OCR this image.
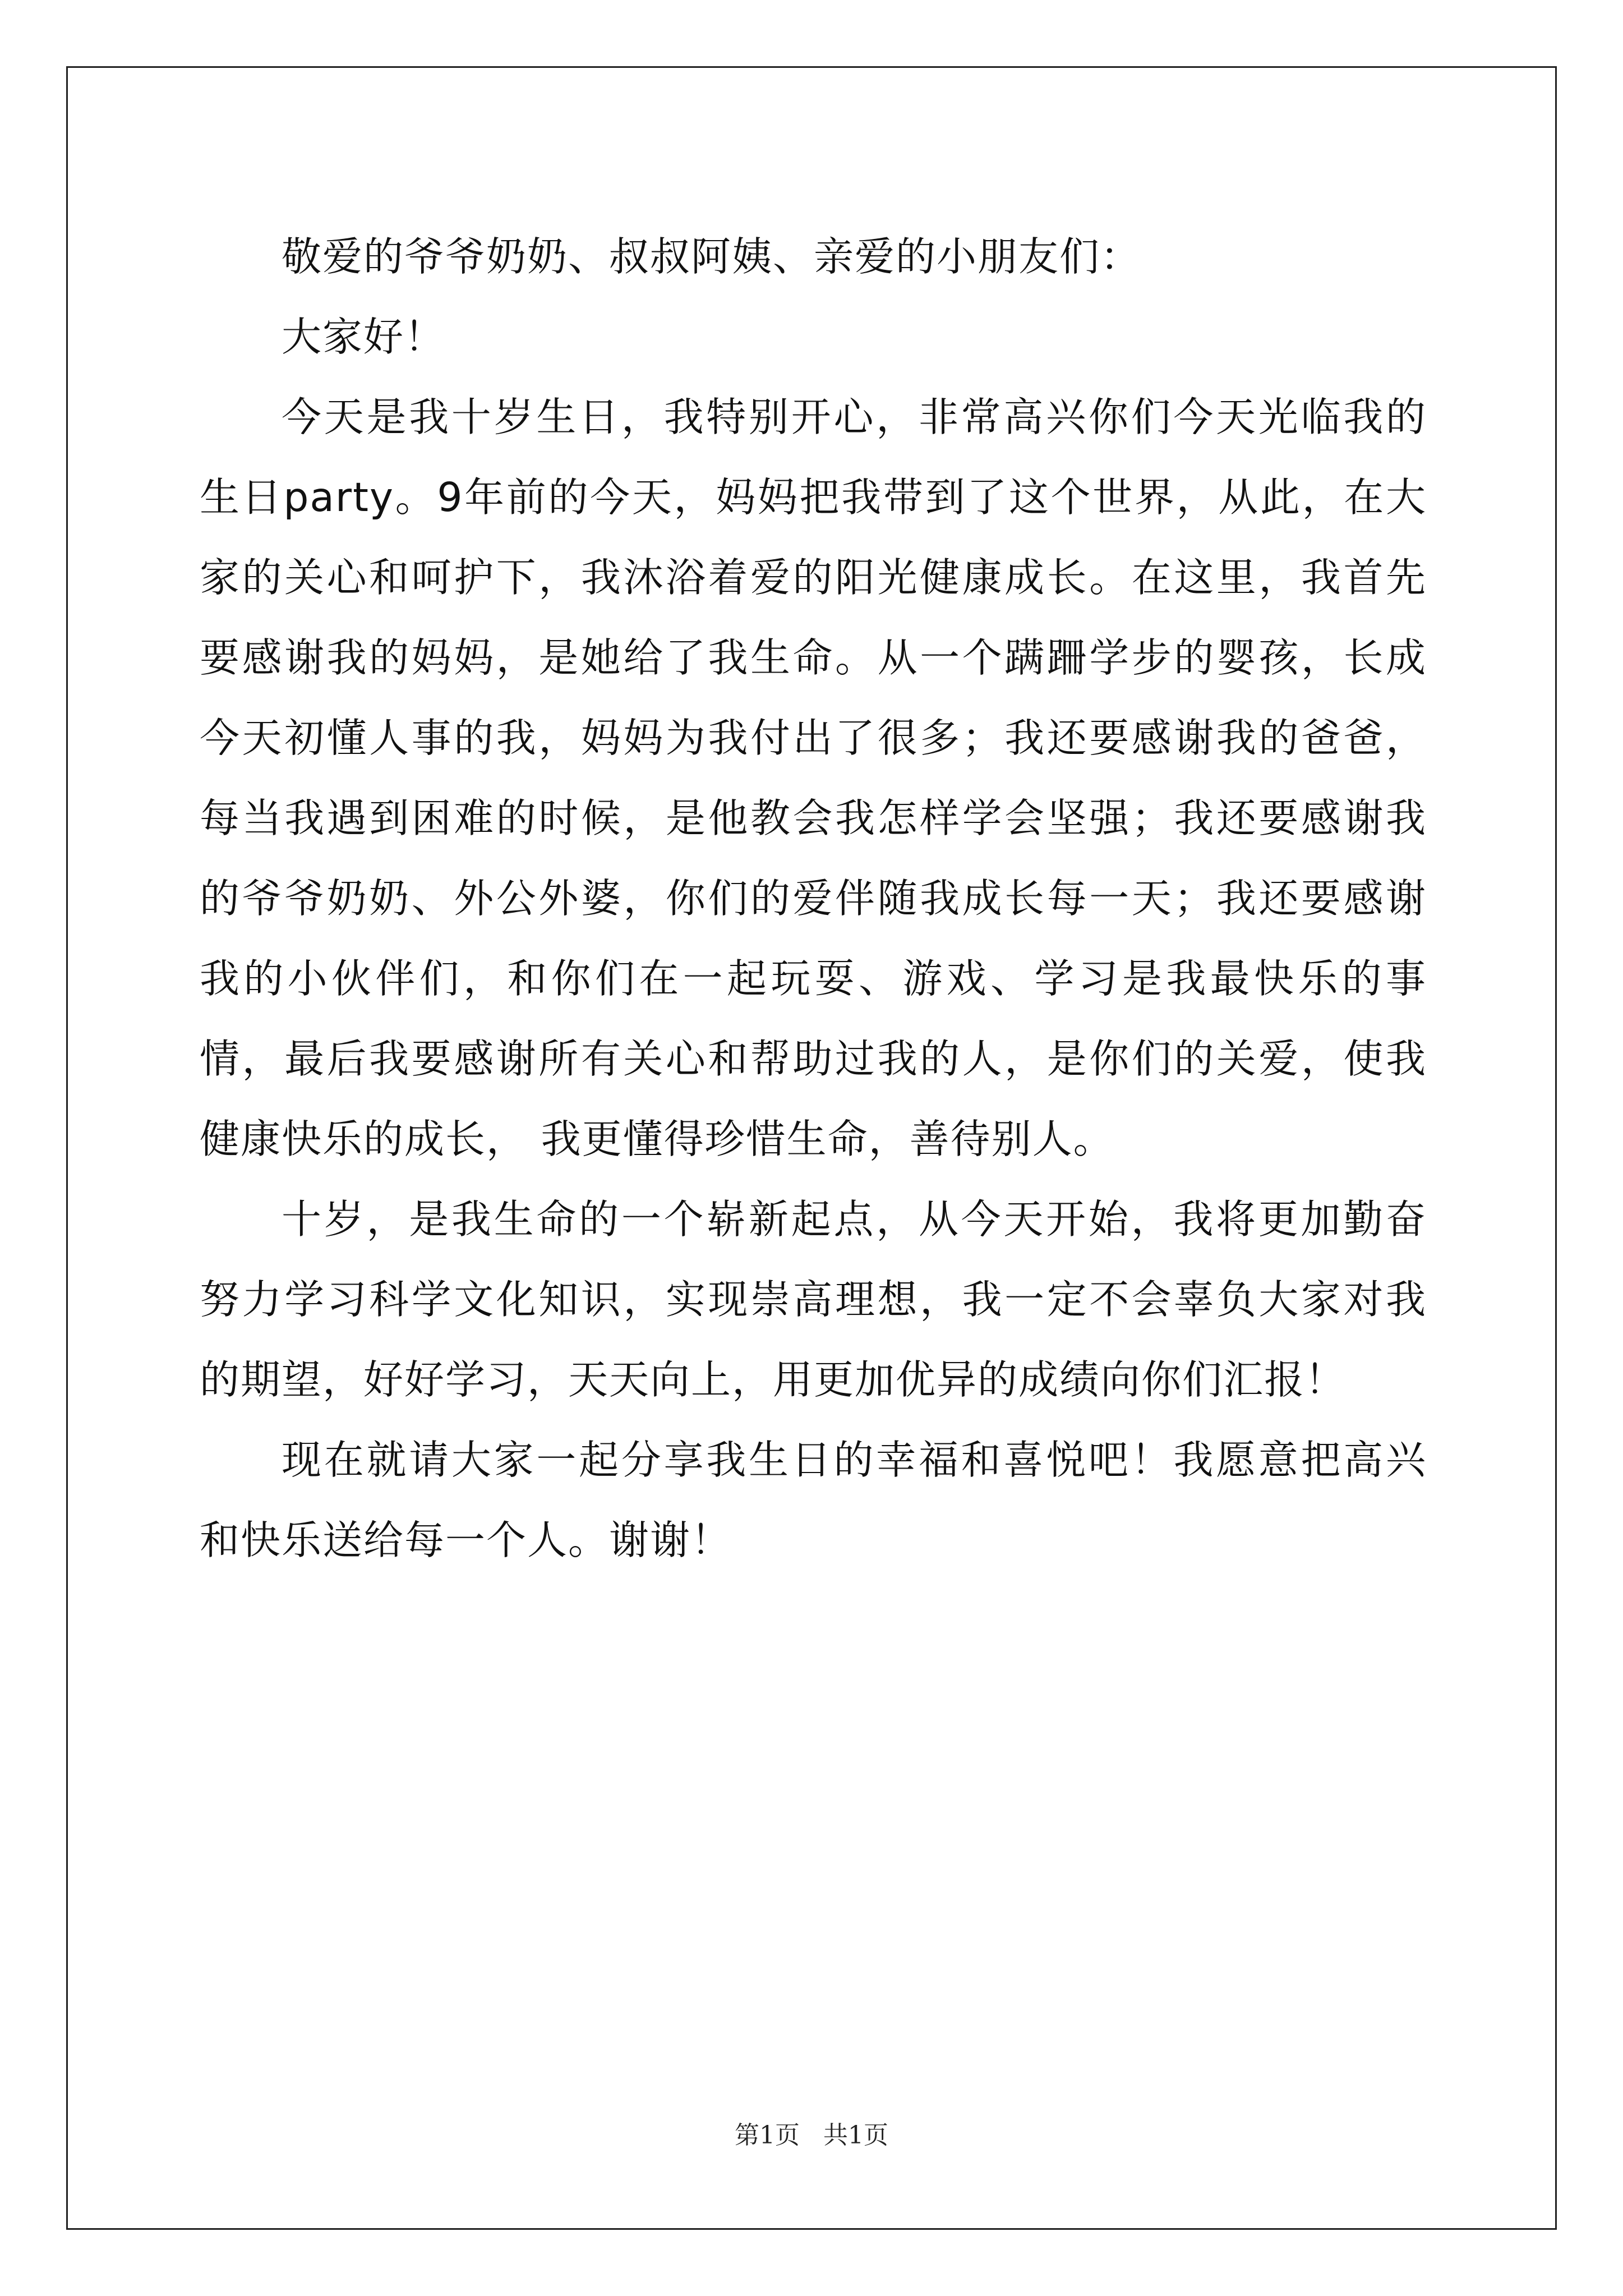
敬爱的爷爷奶奶、叔叔阿姨、亲爱的小朋友们：

大家好！

今天是我十岁生日，我特别开心，非常高兴你们今天光临我的生日party。9年前的今天，妈妈把我带到了这个世界，从此，在大家的关心和呵护下，我沐浴着爱的阳光健康成长。在这里，我首先要感谢我的妈妈，是她给了我生命。从一个蹒跚学步的婴孩，长成今天初懂人事的我，妈妈为我付出了很多；我还要感谢我的爸爸，每当我遇到困难的时候，是他教会我怎样学会坚强；我还要感谢我的爷爷奶奶、外公外婆，你们的爱伴随我成长每一天；我还要感谢我的小伙伴们，和你们在一起玩耍、游戏、学习是我最快乐的事情，最后我要感谢所有关心和帮助过我的人，是你们的关爱，使我健康快乐的成长， 我更懂得珍惜生命，善待别人。

十岁，是我生命的一个崭新起点，从今天开始，我将更加勤奋努力学习科学文化知识，实现崇高理想，我一定不会辜负大家对我的期望，好好学习，天天向上，用更加优异的成绩向你们汇报！

现在就请大家一起分享我生日的幸福和喜悦吧！我愿意把高兴和快乐送给每一个人。谢谢！

第1页   共1页
